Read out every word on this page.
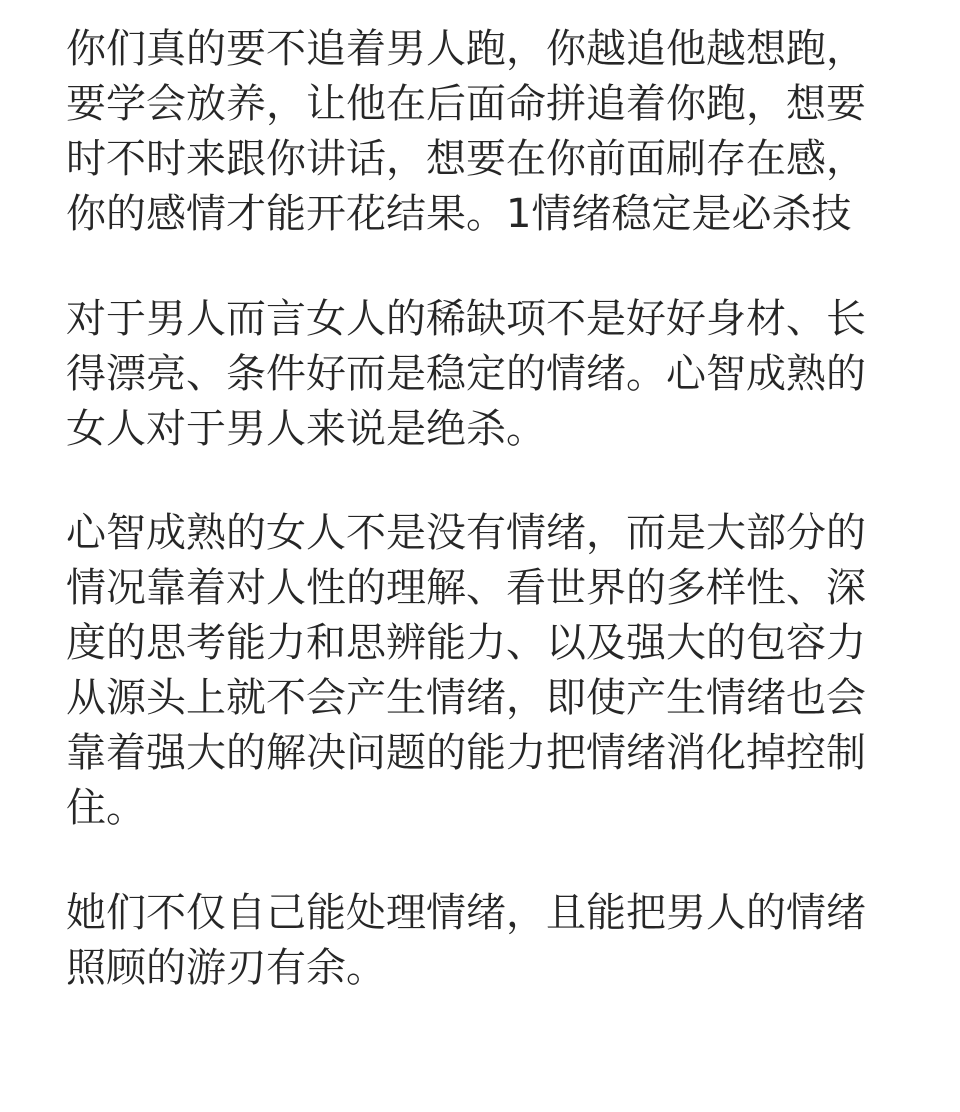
你们真的要不追着男人跑，你越追他越想跑，
要学会放养，让他在后面命拼追着你跑，想要
时不时来跟你讲话，想要在你前面刷存在感，
你的感情才能开花结果。1情绪稳定是必杀技
对于男人而言女人的稀缺项不是好好身材、长
得漂亮、条件好而是稳定的情绪。心智成熟的
女人对于男人来说是绝杀。
心智成熟的女人不是没有情绪，而是大部分的
情况靠着对人性的理解、看世界的多样性、深
度的思考能力和思辨能力、以及强大的包容力
从源头上就不会产生情绪，即使产生情绪也会
靠着强大的解决问题的能力把情绪消化掉控制
住。
她们不仅自己能处理情绪，且能把男人的情绪
照顾的游刃有余。
